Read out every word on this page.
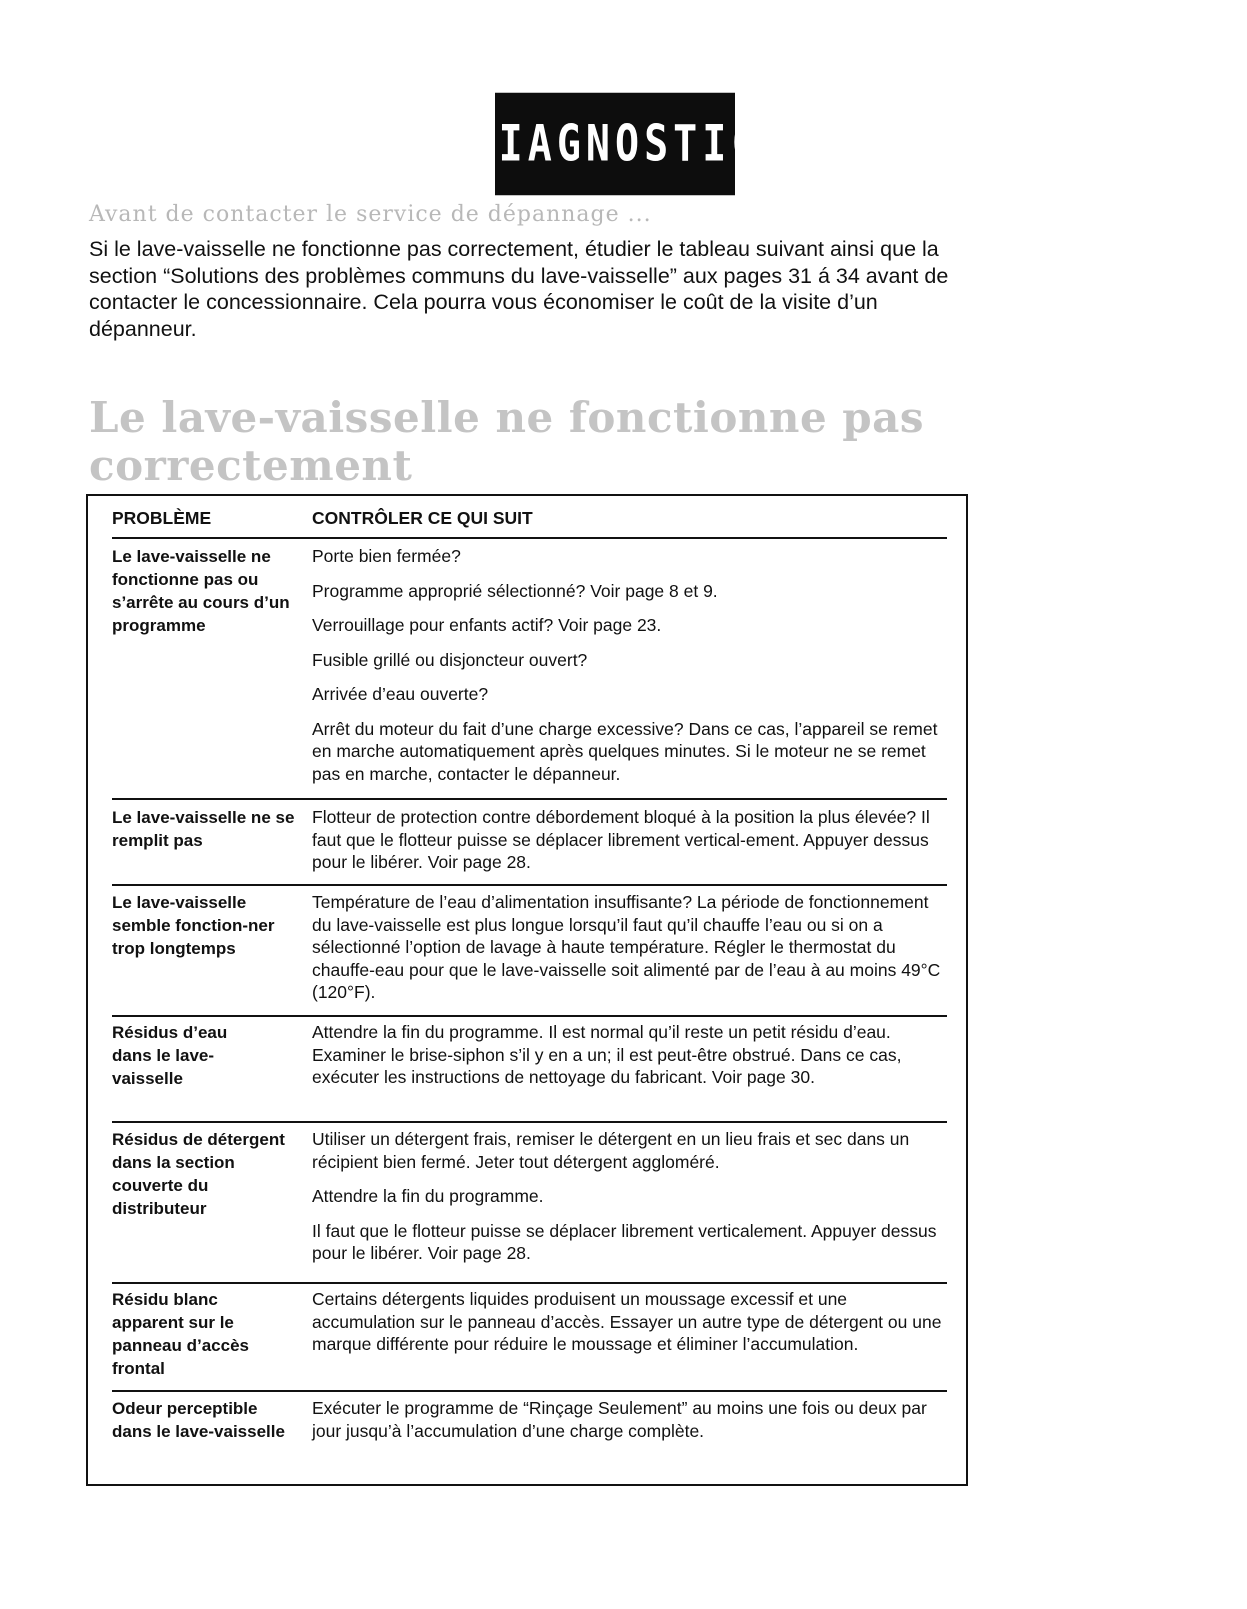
DIAGNOSTIC
Avant de contacter le service de dépannage ...
Si le lave-vaisselle ne fonctionne pas correctement, étudier le tableau suivant ainsi que la section “Solutions des problèmes communs du lave-vaisselle” aux pages 31 á 34 avant de contacter le concessionnaire. Cela pourra vous économiser le coût de la visite d’un dépanneur.
Le lave-vaisselle ne fonctionne pas correctement
PROBLÈME	CONTRÔLER CE QUI SUIT
Le lave-vaisselle ne fonctionne pas ou s’arrête au cours d’un programme
Porte bien fermée?
Programme approprié sélectionné? Voir page 8 et 9.
Verrouillage pour enfants actif? Voir page 23.
Fusible grillé ou disjoncteur ouvert?
Arrivée d’eau ouverte?
Arrêt du moteur du fait d’une charge excessive? Dans ce cas, l’appareil se remet en marche automatiquement après quelques minutes. Si le moteur ne se remet pas en marche, contacter le dépanneur.
Le lave-vaisselle ne se remplit pas
Flotteur de protection contre débordement bloqué à la position la plus élevée? Il faut que le flotteur puisse se déplacer librement vertical-ement. Appuyer dessus pour le libérer. Voir page 28.
Le lave-vaisselle semble fonction-ner trop longtemps
Température de l’eau d’alimentation insuffisante? La période de fonctionnement du lave-vaisselle est plus longue lorsqu’il faut qu’il chauffe l’eau ou si on a sélectionné l’option de lavage à haute température. Régler le thermostat du chauffe-eau pour que le lave-vaisselle soit alimenté par de l’eau à au moins 49°C (120°F).
Résidus d’eau dans le lave-vaisselle
Attendre la fin du programme. Il est normal qu’il reste un petit résidu d’eau. Examiner le brise-siphon s’il y en a un; il est peut-être obstrué. Dans ce cas, exécuter les instructions de nettoyage du fabricant. Voir page 30.
Résidus de détergent dans la section couverte du distributeur
Utiliser un détergent frais, remiser le détergent en un lieu frais et sec dans un récipient bien fermé. Jeter tout détergent aggloméré.
Attendre la fin du programme.
Il faut que le flotteur puisse se déplacer librement verticalement. Appuyer dessus pour le libérer. Voir page 28.
Résidu blanc apparent sur le panneau d’accès frontal
Certains détergents liquides produisent un moussage excessif et une accumulation sur le panneau d’accès. Essayer un autre type de détergent ou une marque différente pour réduire le moussage et éliminer l’accumulation.
Odeur perceptible dans le lave-vaisselle
Exécuter le programme de “Rinçage Seulement” au moins une fois ou deux par jour jusqu’à l’accumulation d’une charge complète.
